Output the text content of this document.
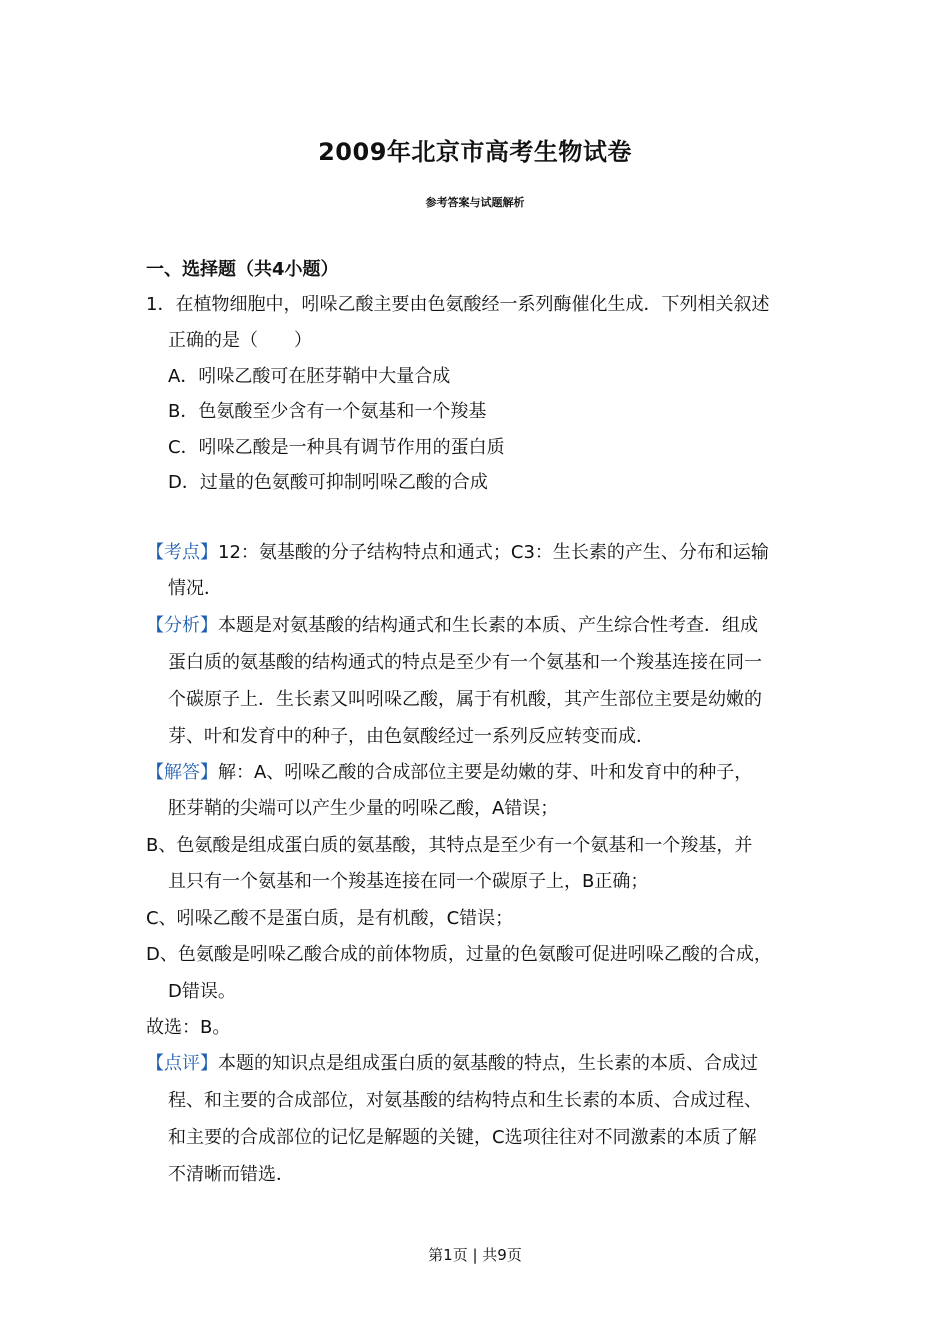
2009年北京市高考生物试卷
参考答案与试题解析
一、选择题（共4小题）
1．在植物细胞中，吲哚乙酸主要由色氨酸经一系列酶催化生成．下列相关叙述
正确的是（　　）
A．吲哚乙酸可在胚芽鞘中大量合成
B．色氨酸至少含有一个氨基和一个羧基
C．吲哚乙酸是一种具有调节作用的蛋白质
D．过量的色氨酸可抑制吲哚乙酸的合成
【考点】12：氨基酸的分子结构特点和通式；C3：生长素的产生、分布和运输
情况．
【分析】本题是对氨基酸的结构通式和生长素的本质、产生综合性考查．组成
蛋白质的氨基酸的结构通式的特点是至少有一个氨基和一个羧基连接在同一
个碳原子上．生长素又叫吲哚乙酸，属于有机酸，其产生部位主要是幼嫩的
芽、叶和发育中的种子，由色氨酸经过一系列反应转变而成．
【解答】解：A、吲哚乙酸的合成部位主要是幼嫩的芽、叶和发育中的种子，
胚芽鞘的尖端可以产生少量的吲哚乙酸，A错误；
B、色氨酸是组成蛋白质的氨基酸，其特点是至少有一个氨基和一个羧基，并
且只有一个氨基和一个羧基连接在同一个碳原子上，B正确；
C、吲哚乙酸不是蛋白质，是有机酸，C错误；
D、色氨酸是吲哚乙酸合成的前体物质，过量的色氨酸可促进吲哚乙酸的合成，
D错误。
故选：B。
【点评】本题的知识点是组成蛋白质的氨基酸的特点，生长素的本质、合成过
程、和主要的合成部位，对氨基酸的结构特点和生长素的本质、合成过程、
和主要的合成部位的记忆是解题的关键，C选项往往对不同激素的本质了解
不清晰而错选．
第1页 | 共9页
